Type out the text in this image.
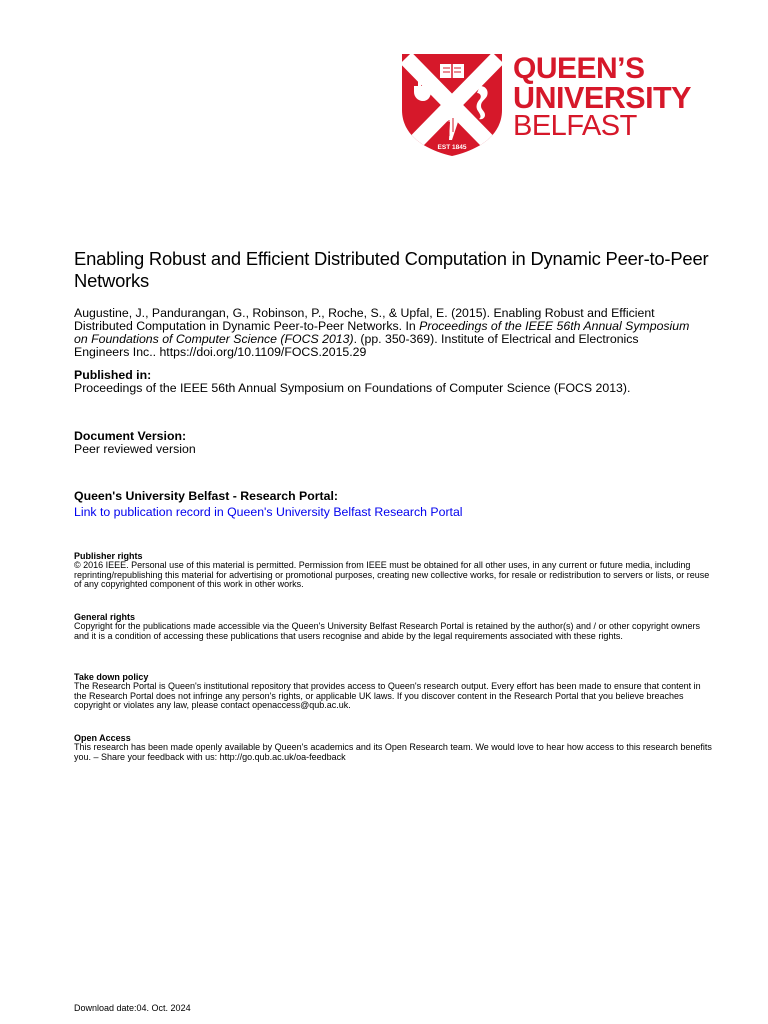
EST 1845
QUEEN’S
UNIVERSITY
BELFAST
Enabling Robust and Efficient Distributed Computation in Dynamic Peer-to-Peer Networks
Augustine, J., Pandurangan, G., Robinson, P., Roche, S., & Upfal, E. (2015). Enabling Robust and Efficient Distributed Computation in Dynamic Peer-to-Peer Networks. In Proceedings of the IEEE 56th Annual Symposium on Foundations of Computer Science (FOCS 2013). (pp. 350-369). Institute of Electrical and Electronics Engineers Inc.. https://doi.org/10.1109/FOCS.2015.29
Published in:
Proceedings of the IEEE 56th Annual Symposium on Foundations of Computer Science (FOCS 2013).
Document Version:
Peer reviewed version
Queen's University Belfast - Research Portal:
Link to publication record in Queen's University Belfast Research Portal
Publisher rights
© 2016 IEEE. Personal use of this material is permitted. Permission from IEEE must be obtained for all other uses, in any current or future media, including reprinting/republishing this material for advertising or promotional purposes, creating new collective works, for resale or redistribution to servers or lists, or reuse of any copyrighted component of this work in other works.
General rights
Copyright for the publications made accessible via the Queen's University Belfast Research Portal is retained by the author(s) and / or other copyright owners and it is a condition of accessing these publications that users recognise and abide by the legal requirements associated with these rights.
Take down policy
The Research Portal is Queen's institutional repository that provides access to Queen's research output. Every effort has been made to ensure that content in the Research Portal does not infringe any person's rights, or applicable UK laws. If you discover content in the Research Portal that you believe breaches copyright or violates any law, please contact openaccess@qub.ac.uk.
Open Access
This research has been made openly available by Queen's academics and its Open Research team. We would love to hear how access to this research benefits you. – Share your feedback with us: http://go.qub.ac.uk/oa-feedback
Download date:04. Oct. 2024
